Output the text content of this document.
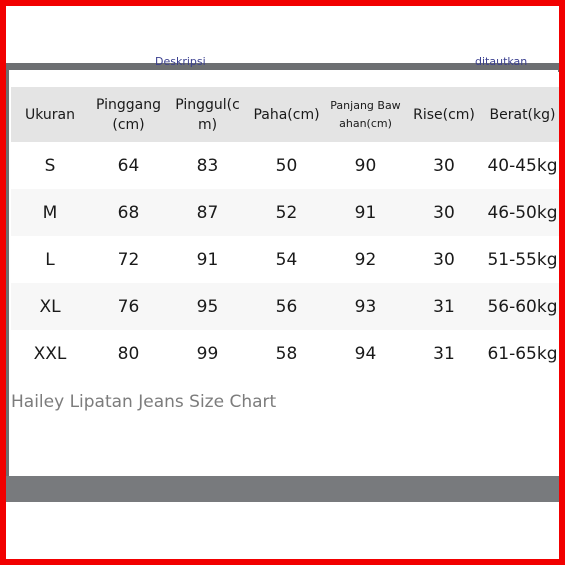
Deskripsi	ditautkan
Ukuran	Pinggang(cm)	Pinggul(cm)	Paha(cm)	Panjang Bawahan(cm)	Rise(cm)	Berat(kg)
S	64	83	50	90	30	40-45kg
M	68	87	52	91	30	46-50kg
L	72	91	54	92	30	51-55kg
XL	76	95	56	93	31	56-60kg
XXL	80	99	58	94	31	61-65kg
Hailey Lipatan Jeans Size Chart
